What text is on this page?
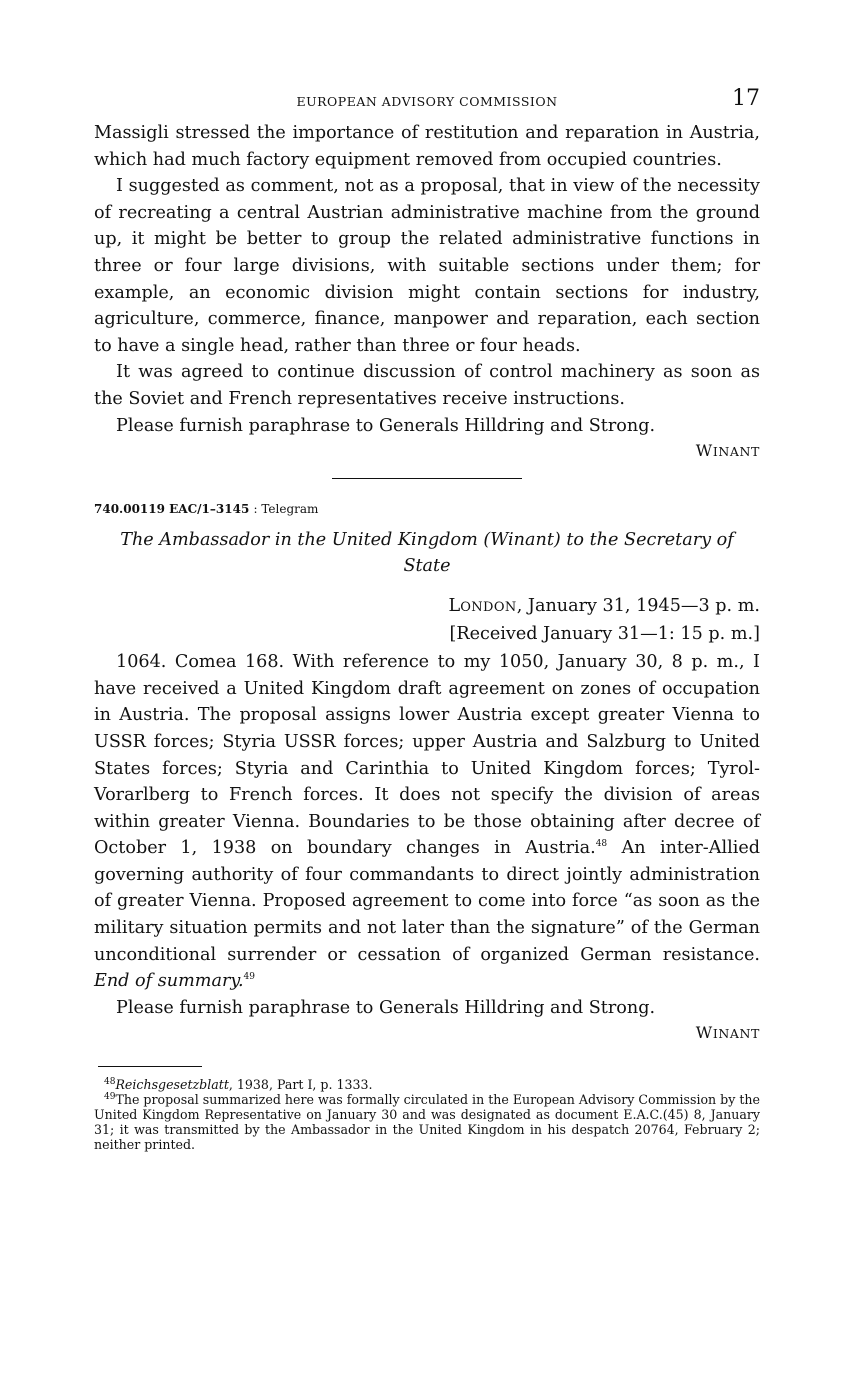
EUROPEAN ADVISORY COMMISSION	17

Massigli stressed the importance of restitution and reparation in Austria, which had much factory equipment removed from occupied countries.

I suggested as comment, not as a proposal, that in view of the necessity of recreating a central Austrian administrative machine from the ground up, it might be better to group the related administrative functions in three or four large divisions, with suitable sections under them; for example, an economic division might contain sections for industry, agriculture, commerce, finance, manpower and reparation, each section to have a single head, rather than three or four heads.

It was agreed to continue discussion of control machinery as soon as the Soviet and French representatives receive instructions.

Please furnish paraphrase to Generals Hilldring and Strong.

WINANT

740.00119 EAC/1–3145 : Telegram

The Ambassador in the United Kingdom (Winant) to the Secretary of State

LONDON, January 31, 1945—3 p. m.

[Received January 31—1: 15 p. m.]

1064. Comea 168. With reference to my 1050, January 30, 8 p. m., I have received a United Kingdom draft agreement on zones of occupation in Austria. The proposal assigns lower Austria except greater Vienna to USSR forces; Styria USSR forces; upper Austria and Salzburg to United States forces; Styria and Carinthia to United Kingdom forces; Tyrol-Vorarlberg to French forces. It does not specify the division of areas within greater Vienna. Boundaries to be those obtaining after decree of October 1, 1938 on boundary changes in Austria.$^{48}$ An inter-Allied governing authority of four commandants to direct jointly administration of greater Vienna. Proposed agreement to come into force “as soon as the military situation permits and not later than the signature” of the German unconditional surrender or cessation of organized German resistance. End of summary.$^{49}$

Please furnish paraphrase to Generals Hilldring and Strong.

WINANT

$^{48}$Reichsgesetzblatt, 1938, Part I, p. 1333.

$^{49}$The proposal summarized here was formally circulated in the European Advisory Commission by the United Kingdom Representative on January 30 and was designated as document E.A.C.(45) 8, January 31; it was transmitted by the Ambassador in the United Kingdom in his despatch 20764, February 2; neither printed.
